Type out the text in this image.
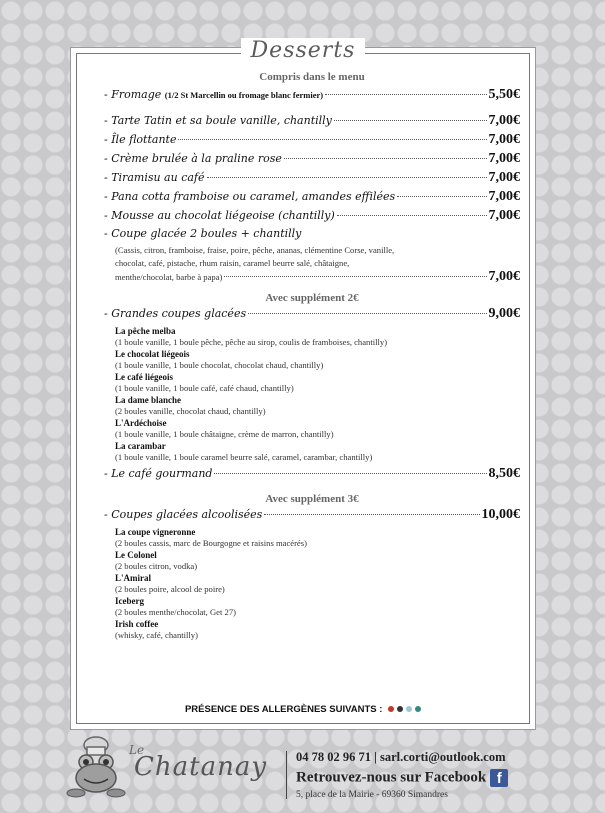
Desserts

Compris dans le menu

- Fromage (1/2 St Marcellin ou fromage blanc fermier)	5,50€
- Tarte Tatin et sa boule vanille, chantilly	7,00€
- Île flottante	7,00€
- Crème brulée à la praline rose	7,00€
- Tiramisu au café	7,00€
- Pana cotta framboise ou caramel, amandes effilées	7,00€
- Mousse au chocolat liégeoise (chantilly)	7,00€
- Coupe glacée 2 boules + chantilly
(Cassis, citron, framboise, fraise, poire, pêche, ananas, clémentine Corse, vanille,
chocolat, café, pistache, rhum raisin, caramel beurre salé, châtaigne,
menthe/chocolat, barbe à papa)	7,00€

Avec supplément 2€

- Grandes coupes glacées	9,00€
La pêche melba
(1 boule vanille, 1 boule pêche, pêche au sirop, coulis de framboises, chantilly)
Le chocolat liégeois
(1 boule vanille, 1 boule chocolat, chocolat chaud, chantilly)
Le café liégeois
(1 boule vanille, 1 boule café, café chaud, chantilly)
La dame blanche
(2 boules vanille, chocolat chaud, chantilly)
L'Ardéchoise
(1 boule vanille, 1 boule châtaigne, crème de marron, chantilly)
La carambar
(1 boule vanille, 1 boule caramel beurre salé, caramel, carambar, chantilly)
- Le café gourmand	8,50€

Avec supplément 3€

- Coupes glacées alcoolisées	10,00€
La coupe vigneronne
(2 boules cassis, marc de Bourgogne et raisins macérés)
Le Colonel
(2 boules citron, vodka)
L'Amiral
(2 boules poire, alcool de poire)
Iceberg
(2 boules menthe/chocolat, Get 27)
Irish coffee
(whisky, café, chantilly)
PRÉSENCE DES ALLERGÈNES SUIVANTS :
Le
Chatanay 04 78 02 96 71 | sarl.corti@outlook.com
Retrouvez-nous sur Facebook f
5, place de la Mairie - 69360 Simandres
